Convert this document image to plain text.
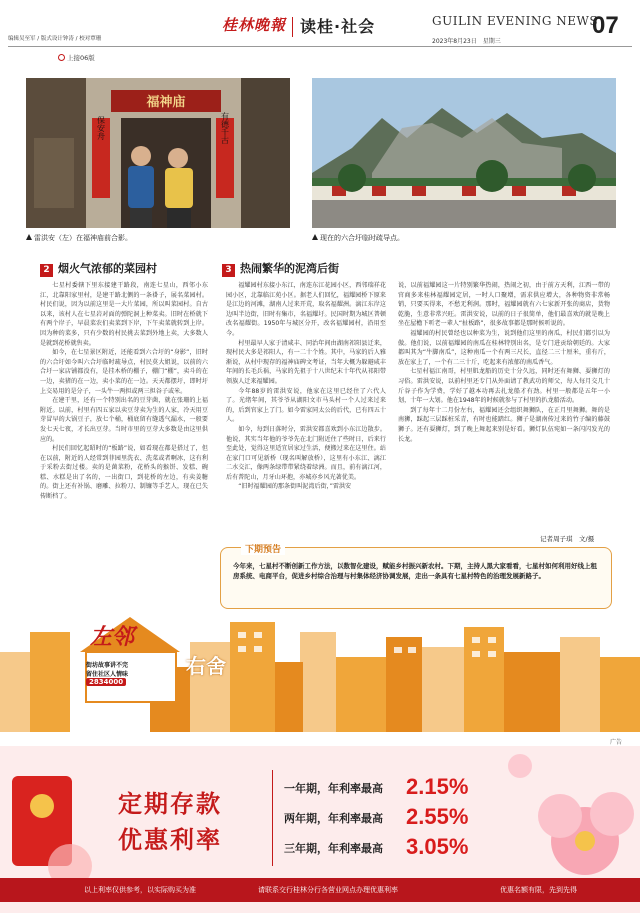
编辑吴至军 / 版式设计钟涛 / 校对覃珊
桂林晚報 读桂·社会	GUILIN EVENING NEWS
2023年8月23日　星期三
07
上接06版
福神庙
有德千古
保安舟
雷洪安（左）在福神庙前合影。	现在的六合圩临时疏导点。
2 烟火气浓郁的菜园村

七星村委辖下里东接建干路段，南连七星山，西邻小东江，北靠阳家里村，是建干路北侧的一条褂子，展名菜园村。村民们说，因为以前这里是一大片菜园，所以叫菜园村。自古以来，该村人在七星岩对面的弹陀洞上种菜卖。旧时在桥就下有两个岸子，早晨菜农们卖菜到下岸，下午卖菜就转到上岸。因为种的菜多，只有少数的村民挑去菜到外地上卖，大多数人是就到花桥就售卖。

如今，在七星景区附近，还能看到六合圩的“身影”，旧时的六合圩如今叫六合圩临时疏导点，村民莫大姐说，以前的六合圩一家店铺都没有，是挂木桥的棚子，棚门“棚”，卖斗的在一边，卖猪的在一边，卖小菜的在一边。天天都摆圩，即时圩上交易用的是分子，一头牛一两担或两三担谷子或米。

在建干里，还有一个特别出名的豆芽菌，就在张珊的上福附近。以前，村里有四五家以卖豆芽卖为生的人家，冷天用豆芽冒早的大锅豆子，放七个桶，桶底留有缝透气漏水，一般要发七天七夜，才长出豆芽。当时市里的豆芽大多数是由这里供应的。

村民们回忆起昭时的“板路”说，如看现在都是搭过了，但在以前，附近的人经常到菲园里洗衣、洗菜或者啊冰，这有利于采粉去街过楼。卖的是菌菜粉，花桥头的猴饼、发糕、碗糕、水糕是出了名的，一出街口，到花桥的左边，有卖姜糖的。街上还有补锅、磨雕、拉粉刀、制镰等手艺人，现在已失传断档了。

3 热闹繁华的泥湾后街

福耀园村东接小东江，南连东江花园小区，西邻瑞祥花园小区，北靠临江苑小区。据老人们回忆，福耀园桥下原来是江边的河滩，湖南人过来开荒，取名福耀洲。漓江东岸这边叫半边街，旧时有集市，名福耀圩。民国时期为城区普顿改名福耀街。1950年与城区分开，改名福耀园村，沿用至今。

村里最早人家于清咸丰、同治年间由湖南祁阳县迁来，现村民大多是祁阳人，有一二十个姓。其中，马家的后人雅渐说，从村中现存的福神庙碑文考证，当年大概为躲避咸丰年间的长毛兵祸，马家的先祖于十八世纪末十年代从祁阳带领族人迁来福耀园。

今年88岁的雷洪安说，他家在这里已经住了六代人了。光绪年间，其爷爷从湖阳文市马头村一个人过来过来的，后到官家上了门。如今雷家同太公的后代，已有四五十人。

如今，每到日落时分，雷洪安都喜欢到小东江边散步。他说，其实当年他的爷爷先在北门附近住了些时日，后来行至此处，觉得这里适宜居家过生活，便搬过来在这里住。站在家门口可见新桥（现名叫解放桥），这里有小东江、漓江二水交汇，像两条绿带带紧绕着绿洲。而且，前有漓江河，后有普陀山，月牙山环抱，亦城亦乡风光著优美。

“旧时福耀园的那条街叫泥湾后街，”雷洪安

说，以前福耀园这一片特别繁华热闹，热闹之初，由于前方天利，江西一带的官商多来桂林福耀园定居，一时人口聚增，需求供应增大，各种物资非常畅销，只要买得来，不愁无利润。那时，福耀园就有六七家新开张的商店，货物乾脆，生意非常兴旺。雷洪安说，以前的日子很简单，他们最喜欢的就是晚上坐在屋檐下听老一辈人“扯板路”，很多故事都是那时候听说的。

福耀园的村民曾经也以种菜为生，说到他们这里的南瓜，村民们都引以为傲。他们说，以前福耀园的南瓜在桂林特别出名，是专门进贡给朝廷的。大家都叫其为“牛脚南瓜”，这种南瓜一个有两三尺长，直径二三十厘米，重有斤，放在家上了，一个有二三十斤，吃起来有浓郁的南瓜香气。

七星村福江南哥，村里肌龙船的历史十分久远，同时还有舞狮、耍狮灯的习俗。雷洪安说，以前村里还专门从外面请了教武功的师父，每人每月交几十斤谷子作为学费，学好了越本功再去扎龙船才有劲。村里一般都是五年一小划，十年一大划。他在1948年的时候就参与了村里的扒龙船活动。

到了每年十二月份左右，福耀园还会组织舞狮队，在正月里舞狮。舞的是南狮，踩起三层踩桩采青，有时也能踏红。狮子是湖南传过来的竹子编的藤鼓狮子。还有耍狮灯，到了晚上舞起来别是好看。狮灯队伍宛如一条闪闪发光的长龙。

记者周子琪　文/摄
下期预告
今年来，七星村不断创新工作方法，以数智化建设，赋能乡村振兴新农村。下期，主持人黑大家看看，七星村如何利用好线上租房系统、电商平台，促进乡村综合治理与村集体经济协调发展，走出一条具有七星村特色的治理发展新路子。
左邻
右舍
街坊故事讲不完
留住社区人情味
2834000
广告
定期存款
优惠利率
一年期，年利率最高 2.15%
两年期，年利率最高 2.55%
三年期，年利率最高 3.05%
以上利率仅供参考，以实际购买为准	请联系交行桂林分行各营业网点办理优惠利率	优惠名额有限，先到先得
